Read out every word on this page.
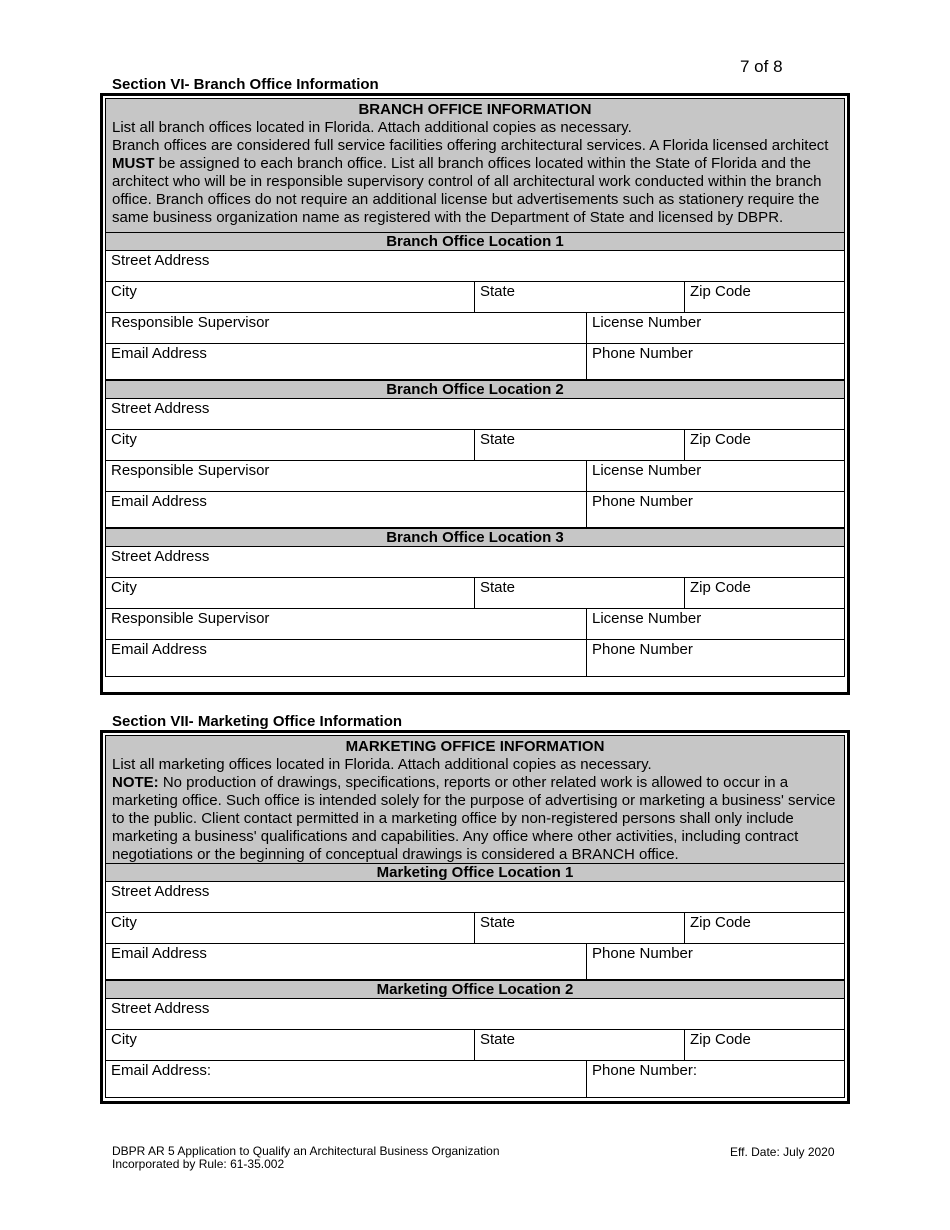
7 of 8
Section VI- Branch Office Information
BRANCH OFFICE INFORMATION
List all branch offices located in Florida. Attach additional copies as necessary.
Branch offices are considered full service facilities offering architectural services. A Florida licensed architect MUST be assigned to each branch office. List all branch offices located within the State of Florida and the architect who will be in responsible supervisory control of all architectural work conducted within the branch office. Branch offices do not require an additional license but advertisements such as stationery require the same business organization name as registered with the Department of State and licensed by DBPR.
Branch Office Location 1
Street Address
City	State	Zip Code
Responsible Supervisor	License Number
Email Address	Phone Number
Branch Office Location 2
Street Address
City	State	Zip Code
Responsible Supervisor	License Number
Email Address	Phone Number
Branch Office Location 3
Street Address
City	State	Zip Code
Responsible Supervisor	License Number
Email Address	Phone Number
Section VII- Marketing Office Information
MARKETING OFFICE INFORMATION
List all marketing offices located in Florida. Attach additional copies as necessary.
NOTE: No production of drawings, specifications, reports or other related work is allowed to occur in a marketing office. Such office is intended solely for the purpose of advertising or marketing a business' service to the public. Client contact permitted in a marketing office by non-registered persons shall only include marketing a business' qualifications and capabilities. Any office where other activities, including contract negotiations or the beginning of conceptual drawings is considered a BRANCH office.
Marketing Office Location 1
Street Address
City	State	Zip Code
Email Address	Phone Number
Marketing Office Location 2
Street Address
City	State	Zip Code
Email Address:	Phone Number:
DBPR AR 5 Application to Qualify an Architectural Business Organization
Incorporated by Rule: 61-35.002
Eff. Date: July 2020
